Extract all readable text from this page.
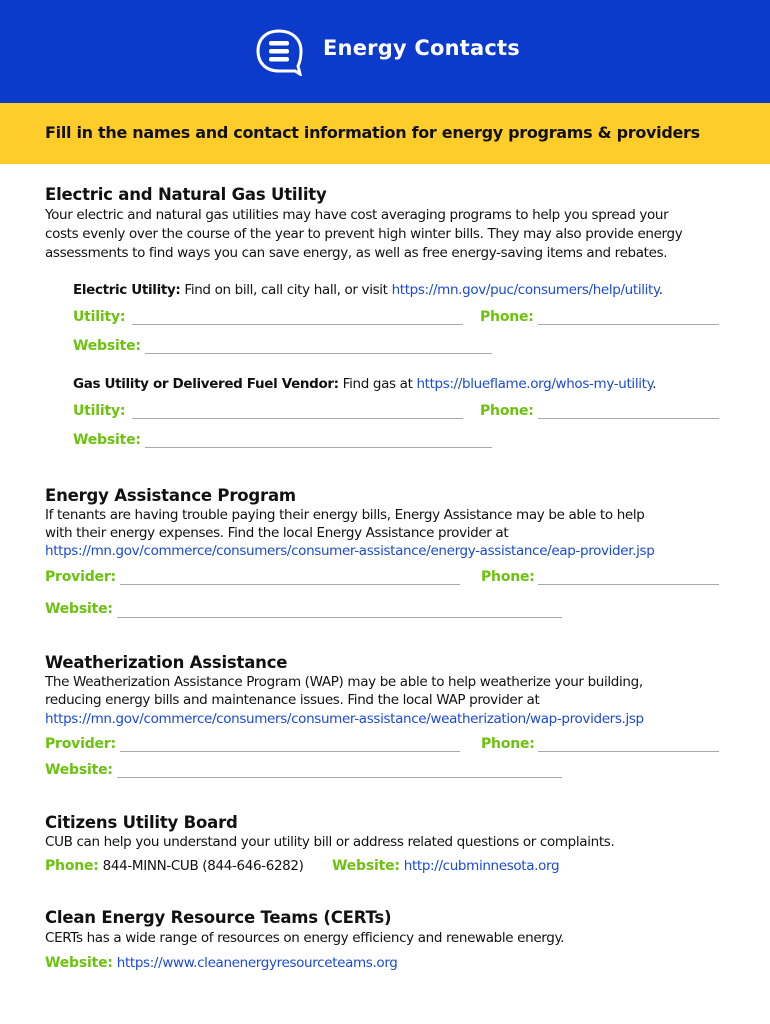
Energy Contacts
Fill in the names and contact information for energy programs & providers
Electric and Natural Gas Utility
Your electric and natural gas utilities may have cost averaging programs to help you spread your
costs evenly over the course of the year to prevent high winter bills. They may also provide energy
assessments to find ways you can save energy, as well as free energy-saving items and rebates.
Electric Utility: Find on bill, call city hall, or visit https://mn.gov/puc/consumers/help/utility.
Utility:	Phone:
Website:
Gas Utility or Delivered Fuel Vendor: Find gas at https://blueflame.org/whos-my-utility.
Utility:	Phone:
Website:
Energy Assistance Program
If tenants are having trouble paying their energy bills, Energy Assistance may be able to help
with their energy expenses. Find the local Energy Assistance provider at
https://mn.gov/commerce/consumers/consumer-assistance/energy-assistance/eap-provider.jsp
Provider:	Phone:
Website:
Weatherization Assistance
The Weatherization Assistance Program (WAP) may be able to help weatherize your building,
reducing energy bills and maintenance issues. Find the local WAP provider at
https://mn.gov/commerce/consumers/consumer-assistance/weatherization/wap-providers.jsp
Provider:	Phone:
Website:
Citizens Utility Board
CUB can help you understand your utility bill or address related questions or complaints.
Phone: 844-MINN-CUB (844-646-6282) Website: http://cubminnesota.org
Clean Energy Resource Teams (CERTs)
CERTs has a wide range of resources on energy efficiency and renewable energy.
Website: https://www.cleanenergyresourceteams.org
